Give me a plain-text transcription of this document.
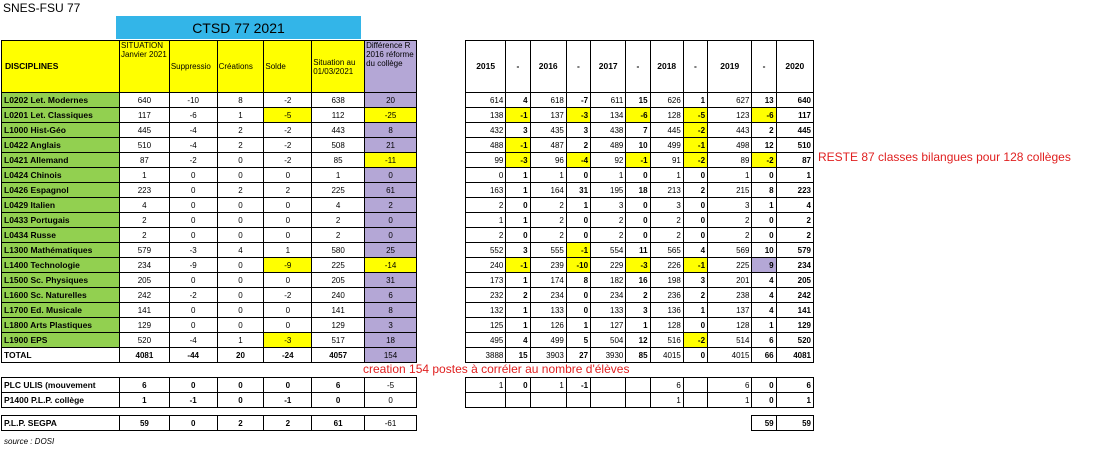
SNES-FSU 77
CTSD 77 2021
DISCIPLINES	SITUATION Janvier 2021	Suppressio	Créations	Solde	Situation au 01/03/2021	Différence R 2016 réforme du collège
L0202 Let. Modernes	640	-10	8	-2	638	20
L0201 Let. Classiques	117	-6	1	-5	112	-25
L1000 Hist-Géo	445	-4	2	-2	443	8
L0422 Anglais	510	-4	2	-2	508	21
L0421 Allemand	87	-2	0	-2	85	-11
L0424 Chinois	1	0	0	0	1	0
L0426 Espagnol	223	0	2	2	225	61
L0429 Italien	4	0	0	0	4	2
L0433 Portugais	2	0	0	0	2	0
L0434 Russe	2	0	0	0	2	0
L1300 Mathématiques	579	-3	4	1	580	25
L1400 Technologie	234	-9	0	-9	225	-14
L1500 Sc. Physiques	205	0	0	0	205	31
L1600 Sc. Naturelles	242	-2	0	-2	240	6
L1700 Ed. Musicale	141	0	0	0	141	8
L1800 Arts Plastiques	129	0	0	0	129	3
L1900 EPS	520	-4	1	-3	517	18
TOTAL	4081	-44	20	-24	4057	154

PLC ULIS (mouvement	6	0	0	0	6	-5
P1400 P.L.P. collège	1	-1	0	-1	0	0

P.L.P. SEGPA	59	0	2	2	61	-61
2015	-	2016	-	2017	-	2018	-	2019	-	2020
614	4	618	-7	611	15	626	1	627	13	640
138	-1	137	-3	134	-6	128	-5	123	-6	117
432	3	435	3	438	7	445	-2	443	2	445
488	-1	487	2	489	10	499	-1	498	12	510
99	-3	96	-4	92	-1	91	-2	89	-2	87
0	1	1	0	1	0	1	0	1	0	1
163	1	164	31	195	18	213	2	215	8	223
2	0	2	1	3	0	3	0	3	1	4
1	1	2	0	2	0	2	0	2	0	2
2	0	2	0	2	0	2	0	2	0	2
552	3	555	-1	554	11	565	4	569	10	579
240	-1	239	-10	229	-3	226	-1	225	9	234
173	1	174	8	182	16	198	3	201	4	205
232	2	234	0	234	2	236	2	238	4	242
132	1	133	0	133	3	136	1	137	4	141
125	1	126	1	127	1	128	0	128	1	129
495	4	499	5	504	12	516	-2	514	6	520
3888	15	3903	27	3930	85	4015	0	4015	66	4081

1	0	1	-1			6		6	0	6
						1		1	0	1

									59	59
RESTE 87 classes bilangues pour 128 collèges
creation 154 postes à corréler au nombre d'élèves
source : DOSI
